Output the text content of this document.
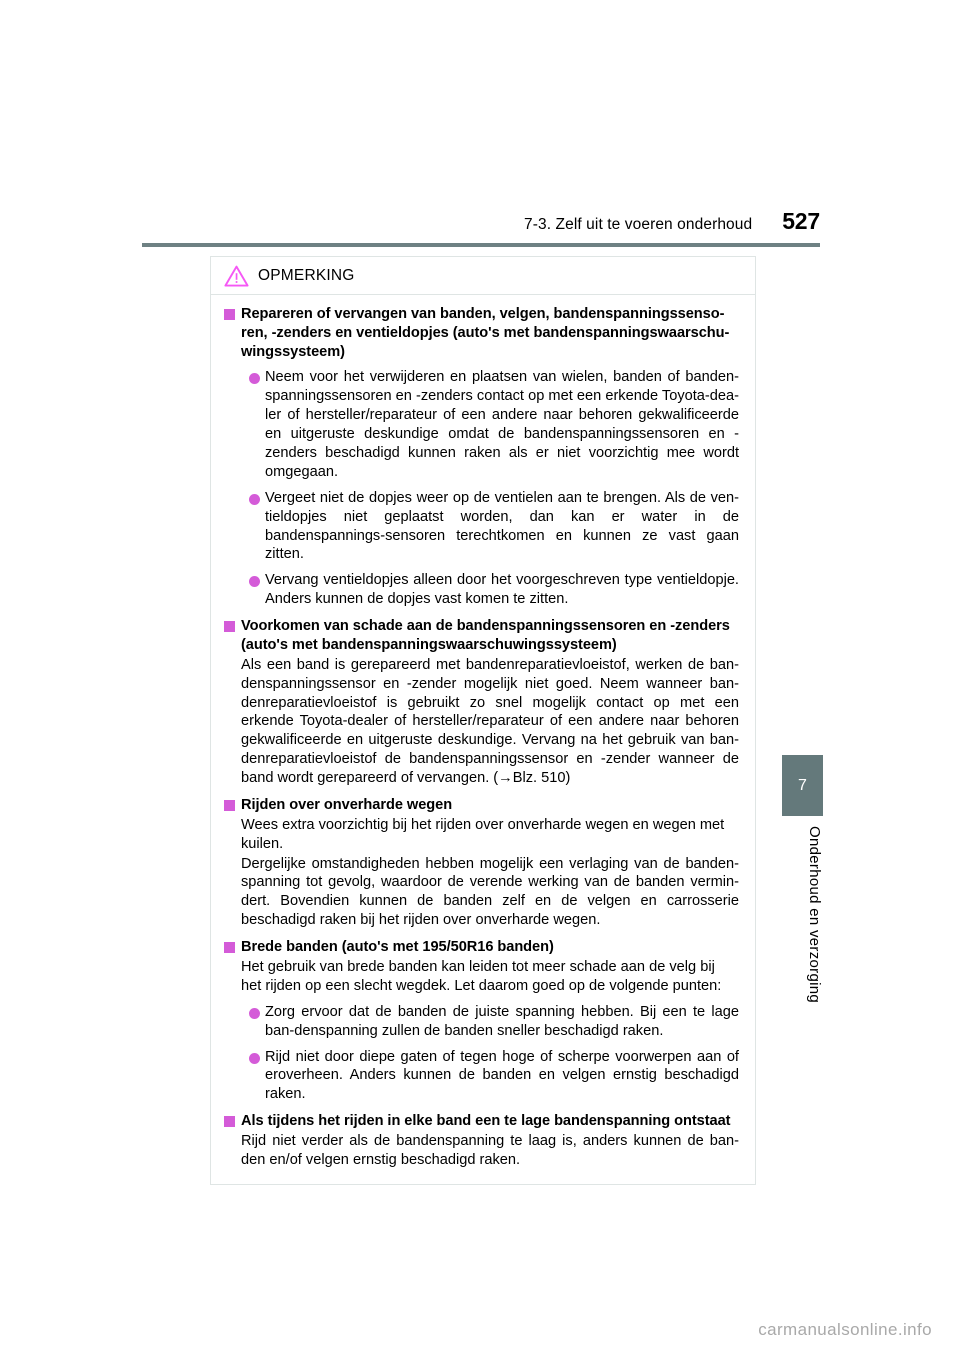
7-3. Zelf uit te voeren onderhoud 527
OPMERKING
Repareren of vervangen van banden, velgen, bandenspanningssenso-ren, -zenders en ventieldopjes (auto's met bandenspanningswaarschu-wingssysteem)
Neem voor het verwijderen en plaatsen van wielen, banden of banden-spanningssensoren en -zenders contact op met een erkende Toyota-dea-ler of hersteller/reparateur of een andere naar behoren gekwalificeerde en uitgeruste deskundige omdat de bandenspanningssensoren en -zenders beschadigd kunnen raken als er niet voorzichtig mee wordt omgegaan.
Vergeet niet de dopjes weer op de ventielen aan te brengen. Als de ven-tieldopjes niet geplaatst worden, dan kan er water in de bandenspannings-sensoren terechtkomen en kunnen ze vast gaan zitten.
Vervang ventieldopjes alleen door het voorgeschreven type ventieldopje. Anders kunnen de dopjes vast komen te zitten.
Voorkomen van schade aan de bandenspanningssensoren en -zenders (auto's met bandenspanningswaarschuwingssysteem)
Als een band is gerepareerd met bandenreparatievloeistof, werken de ban-denspanningssensor en -zender mogelijk niet goed. Neem wanneer ban-denreparatievloeistof is gebruikt zo snel mogelijk contact op met een erkende Toyota-dealer of hersteller/reparateur of een andere naar behoren gekwalificeerde en uitgeruste deskundige. Vervang na het gebruik van ban-denreparatievloeistof de bandenspanningssensor en -zender wanneer de band wordt gerepareerd of vervangen. (→Blz. 510)
Rijden over onverharde wegen
Wees extra voorzichtig bij het rijden over onverharde wegen en wegen met kuilen.
Dergelijke omstandigheden hebben mogelijk een verlaging van de banden-spanning tot gevolg, waardoor de verende werking van de banden vermin-dert. Bovendien kunnen de banden zelf en de velgen en carrosserie beschadigd raken bij het rijden over onverharde wegen.
Brede banden (auto's met 195/50R16 banden)
Het gebruik van brede banden kan leiden tot meer schade aan de velg bij het rijden op een slecht wegdek. Let daarom goed op de volgende punten:
Zorg ervoor dat de banden de juiste spanning hebben. Bij een te lage ban-denspanning zullen de banden sneller beschadigd raken.
Rijd niet door diepe gaten of tegen hoge of scherpe voorwerpen aan of eroverheen. Anders kunnen de banden en velgen ernstig beschadigd raken.
Als tijdens het rijden in elke band een te lage bandenspanning ontstaat
Rijd niet verder als de bandenspanning te laag is, anders kunnen de ban-den en/of velgen ernstig beschadigd raken.
7
Onderhoud en verzorging
carmanualsonline.info
